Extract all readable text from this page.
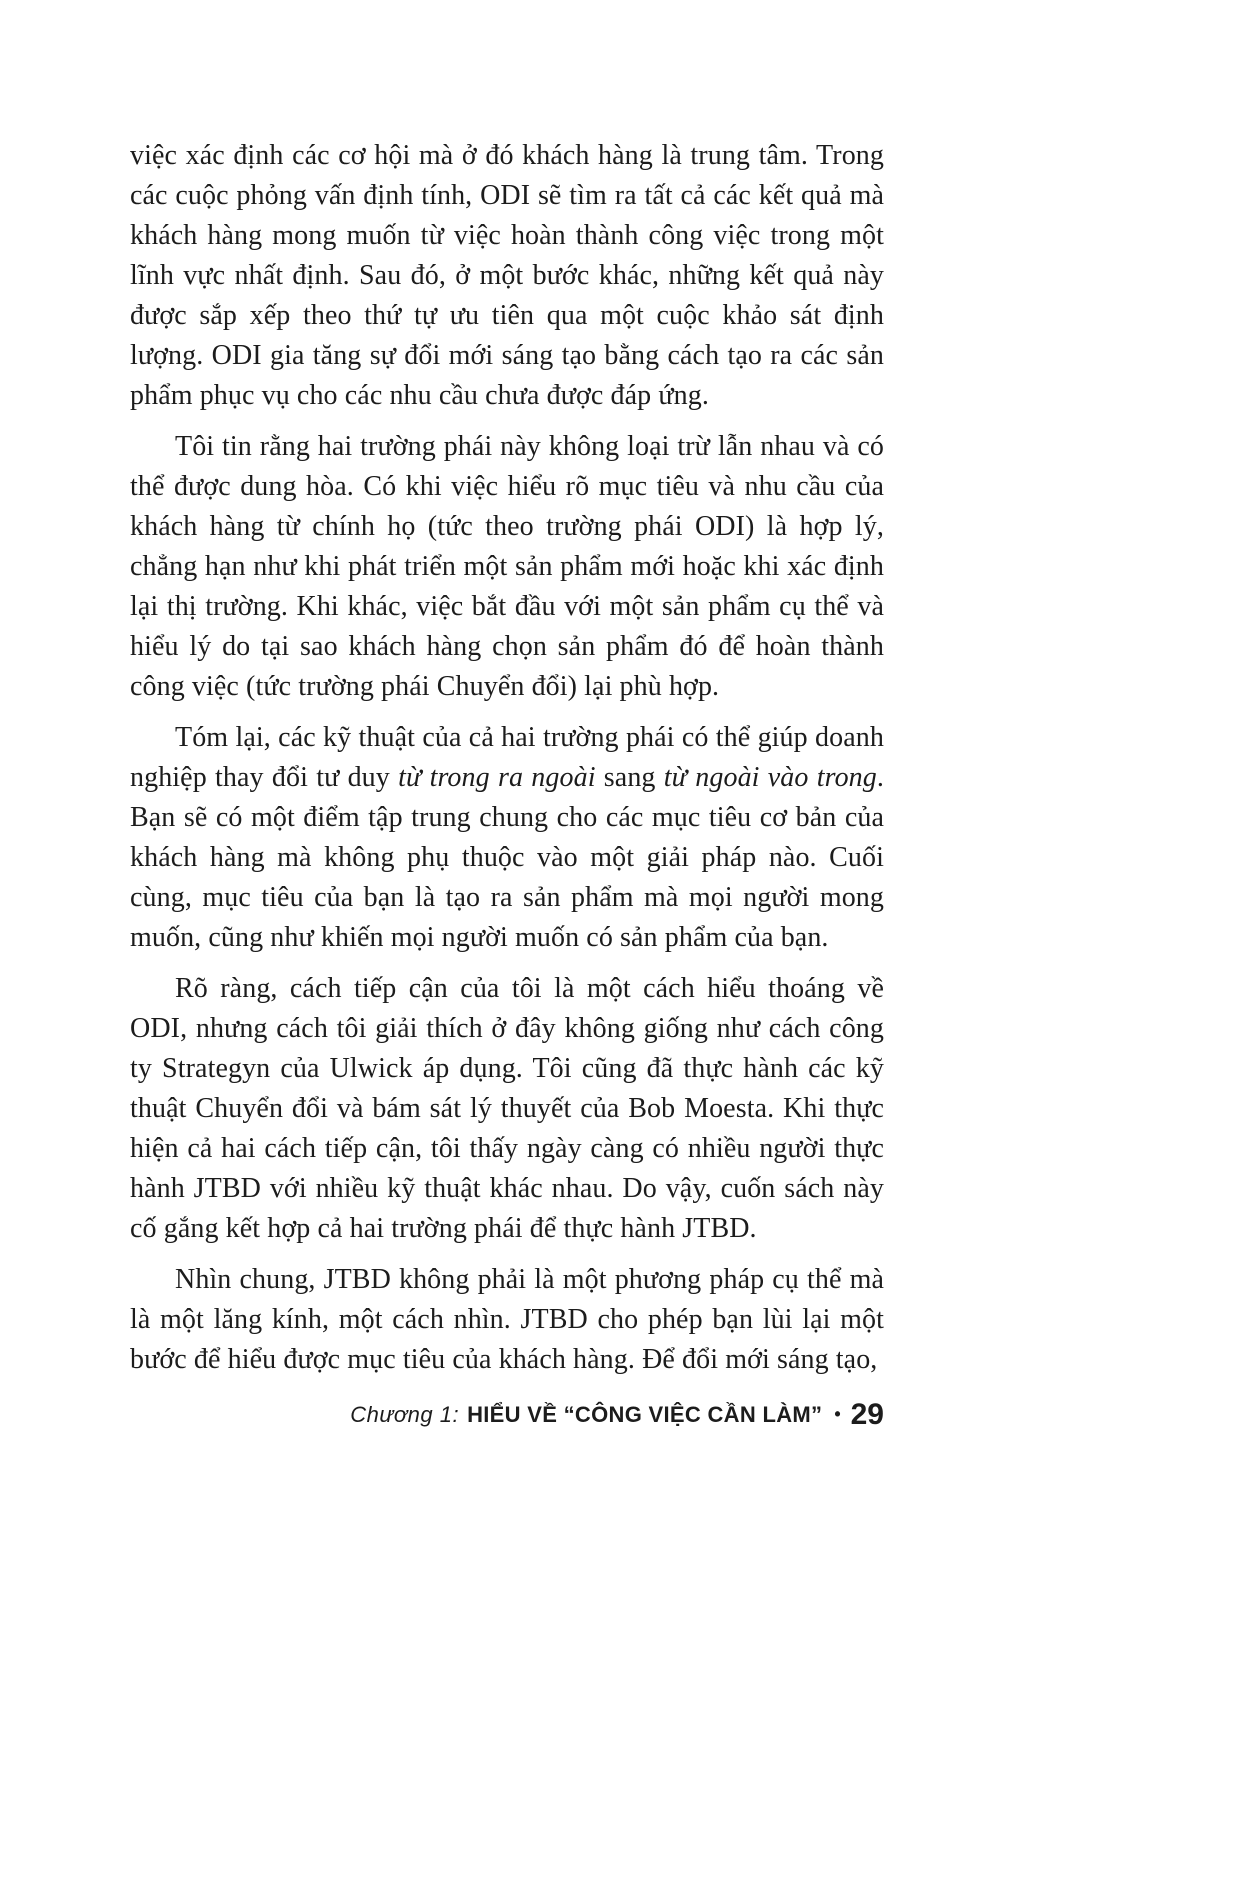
việc xác định các cơ hội mà ở đó khách hàng là trung tâm. Trong các cuộc phỏng vấn định tính, ODI sẽ tìm ra tất cả các kết quả mà khách hàng mong muốn từ việc hoàn thành công việc trong một lĩnh vực nhất định. Sau đó, ở một bước khác, những kết quả này được sắp xếp theo thứ tự ưu tiên qua một cuộc khảo sát định lượng. ODI gia tăng sự đổi mới sáng tạo bằng cách tạo ra các sản phẩm phục vụ cho các nhu cầu chưa được đáp ứng.

Tôi tin rằng hai trường phái này không loại trừ lẫn nhau và có thể được dung hòa. Có khi việc hiểu rõ mục tiêu và nhu cầu của khách hàng từ chính họ (tức theo trường phái ODI) là hợp lý, chẳng hạn như khi phát triển một sản phẩm mới hoặc khi xác định lại thị trường. Khi khác, việc bắt đầu với một sản phẩm cụ thể và hiểu lý do tại sao khách hàng chọn sản phẩm đó để hoàn thành công việc (tức trường phái Chuyển đổi) lại phù hợp.

Tóm lại, các kỹ thuật của cả hai trường phái có thể giúp doanh nghiệp thay đổi tư duy từ trong ra ngoài sang từ ngoài vào trong. Bạn sẽ có một điểm tập trung chung cho các mục tiêu cơ bản của khách hàng mà không phụ thuộc vào một giải pháp nào. Cuối cùng, mục tiêu của bạn là tạo ra sản phẩm mà mọi người mong muốn, cũng như khiến mọi người muốn có sản phẩm của bạn.

Rõ ràng, cách tiếp cận của tôi là một cách hiểu thoáng về ODI, nhưng cách tôi giải thích ở đây không giống như cách công ty Strategyn của Ulwick áp dụng. Tôi cũng đã thực hành các kỹ thuật Chuyển đổi và bám sát lý thuyết của Bob Moesta. Khi thực hiện cả hai cách tiếp cận, tôi thấy ngày càng có nhiều người thực hành JTBD với nhiều kỹ thuật khác nhau. Do vậy, cuốn sách này cố gắng kết hợp cả hai trường phái để thực hành JTBD.

Nhìn chung, JTBD không phải là một phương pháp cụ thể mà là một lăng kính, một cách nhìn. JTBD cho phép bạn lùi lại một bước để hiểu được mục tiêu của khách hàng. Để đổi mới sáng tạo,

Chương 1: HIỂU VỀ “CÔNG VIỆC CẦN LÀM” • 29
